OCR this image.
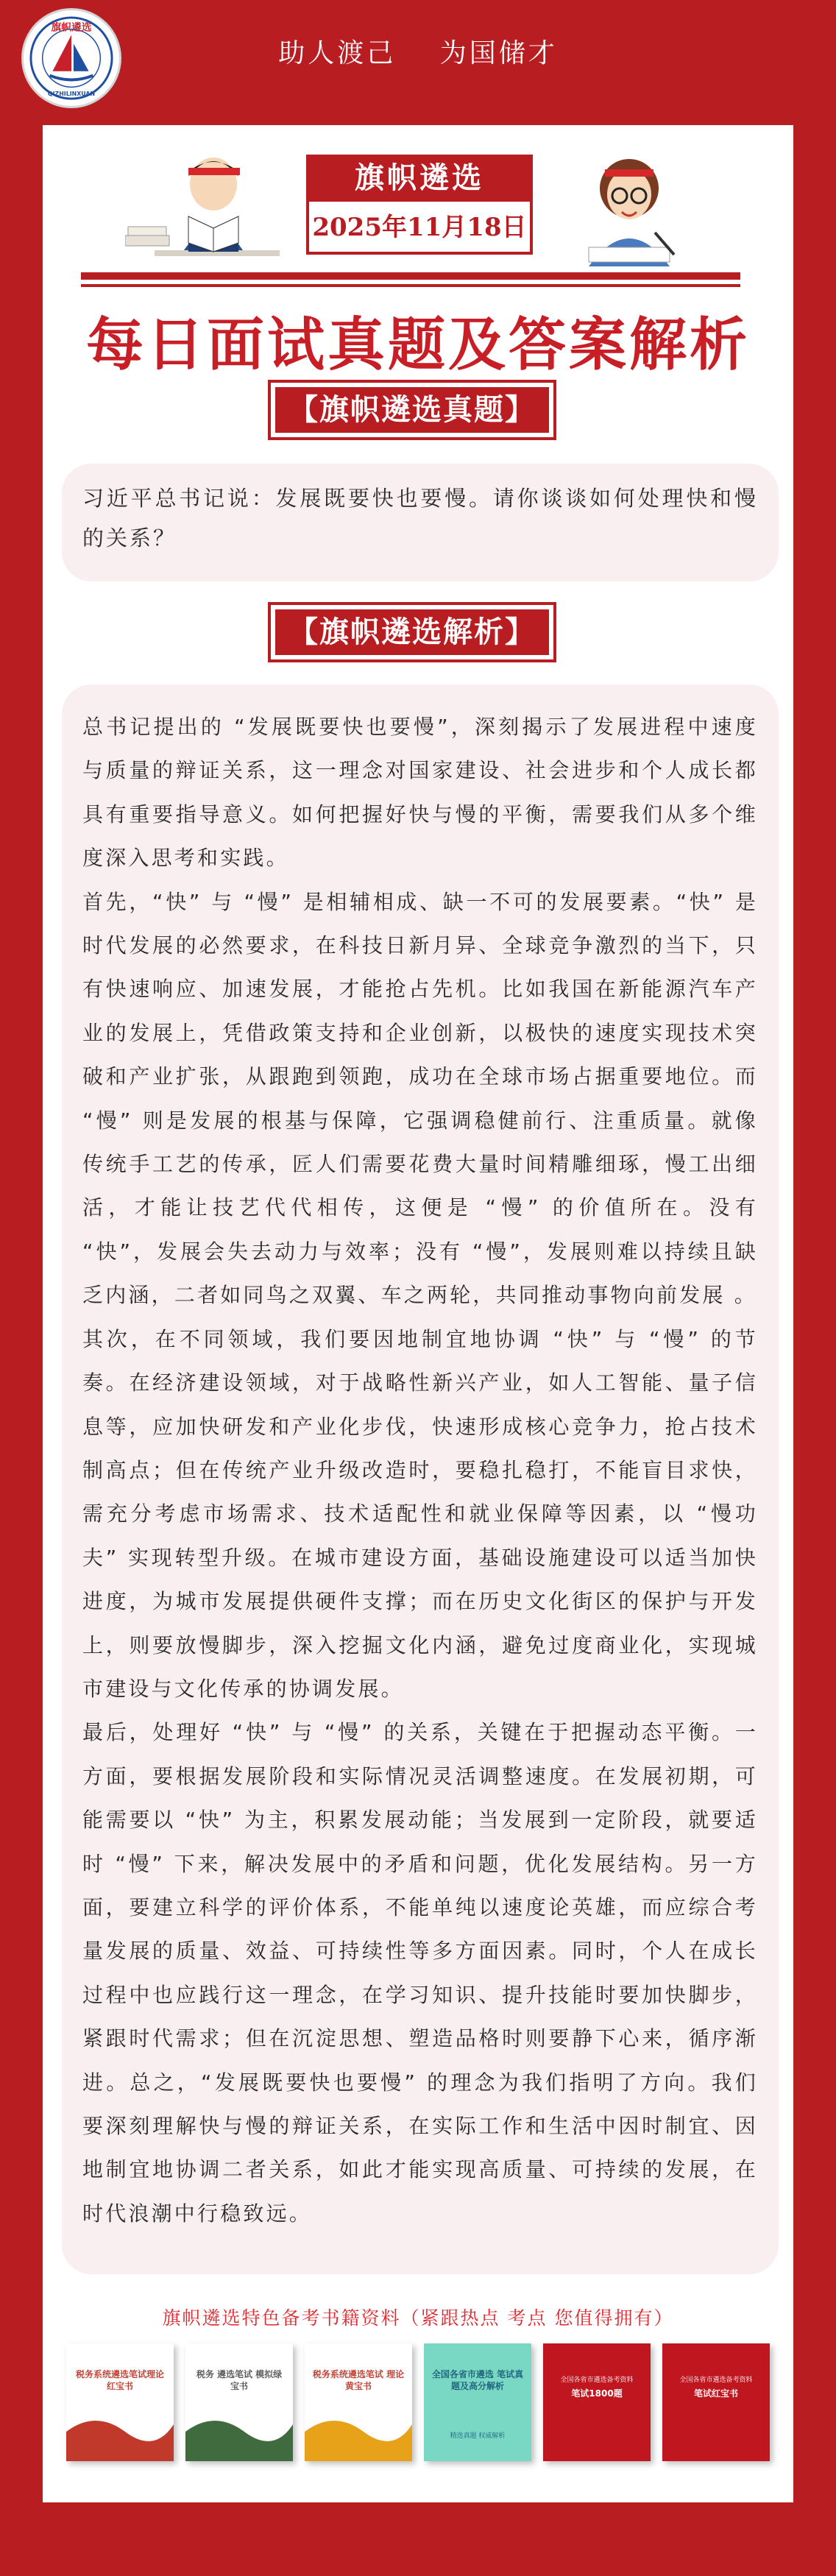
旗帜遴选
QIZHILINXUAN
助人渡己 为国储才
旗帜遴选
2025年11月18日
每日面试真题及答案解析
【旗帜遴选真题】
习近平总书记说：发展既要快也要慢。请你谈谈如何处理快和慢的关系？
【旗帜遴选解析】

总书记提出的 “发展既要快也要慢”，深刻揭示了发展进程中速度与质量的辩证关系，这一理念对国家建设、社会进步和个人成长都具有重要指导意义。如何把握好快与慢的平衡，需要我们从多个维度深入思考和实践。

首先，“快” 与 “慢” 是相辅相成、缺一不可的发展要素。“快” 是时代发展的必然要求，在科技日新月异、全球竞争激烈的当下，只有快速响应、加速发展，才能抢占先机。比如我国在新能源汽车产业的发展上，凭借政策支持和企业创新，以极快的速度实现技术突破和产业扩张，从跟跑到领跑，成功在全球市场占据重要地位。而 “慢” 则是发展的根基与保障，它强调稳健前行、注重质量。就像传统手工艺的传承，匠人们需要花费大量时间精雕细琢，慢工出细活，才能让技艺代代相传，这便是 “慢” 的价值所在。没有 “快”，发展会失去动力与效率；没有 “慢”，发展则难以持续且缺乏内涵，二者如同鸟之双翼、车之两轮，共同推动事物向前发展 。

其次，在不同领域，我们要因地制宜地协调 “快” 与 “慢” 的节奏。在经济建设领域，对于战略性新兴产业，如人工智能、量子信息等，应加快研发和产业化步伐，快速形成核心竞争力，抢占技术制高点；但在传统产业升级改造时，要稳扎稳打，不能盲目求快，需充分考虑市场需求、技术适配性和就业保障等因素，以 “慢功夫” 实现转型升级。在城市建设方面，基础设施建设可以适当加快进度，为城市发展提供硬件支撑；而在历史文化街区的保护与开发上，则要放慢脚步，深入挖掘文化内涵，避免过度商业化，实现城市建设与文化传承的协调发展。

最后，处理好 “快” 与 “慢” 的关系，关键在于把握动态平衡。一方面，要根据发展阶段和实际情况灵活调整速度。在发展初期，可能需要以 “快” 为主，积累发展动能；当发展到一定阶段，就要适时 “慢” 下来，解决发展中的矛盾和问题，优化发展结构。另一方面，要建立科学的评价体系，不能单纯以速度论英雄，而应综合考量发展的质量、效益、可持续性等多方面因素。同时，个人在成长过程中也应践行这一理念，在学习知识、提升技能时要加快脚步，紧跟时代需求；但在沉淀思想、塑造品格时则要静下心来，循序渐进。总之，“发展既要快也要慢” 的理念为我们指明了方向。我们要深刻理解快与慢的辩证关系，在实际工作和生活中因时制宜、因地制宜地协调二者关系，如此才能实现高质量、可持续的发展，在时代浪潮中行稳致远。

旗帜遴选特色备考书籍资料（紧跟热点 考点 您值得拥有）
税务系统遴选笔试理论红宝书
税务 遴选笔试 模拟绿宝书
税务系统遴选笔试 理论黄宝书
全国各省市遴选 笔试真题及高分解析
精选真题 权威解析
全国各省市遴选备考资料
笔试1800题
全国各省市遴选备考资料
笔试红宝书
